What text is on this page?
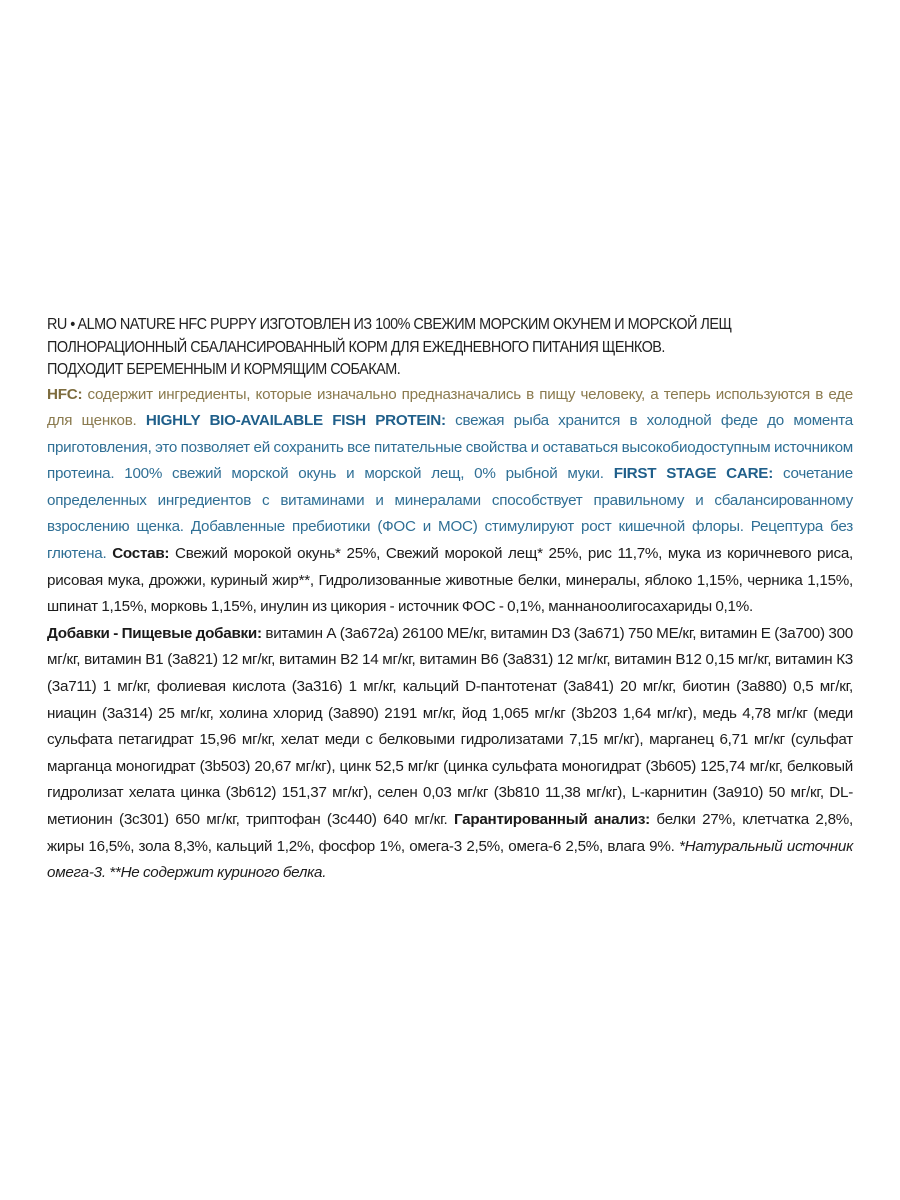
RU • ALMO NATURE HFC PUPPY ИЗГОТОВЛЕН ИЗ 100% СВЕЖИМ МОРСКИМ ОКУНЕМ И МОРСКОЙ ЛЕЩ

ПОЛНОРАЦИОННЫЙ СБАЛАНСИРОВАННЫЙ КОРМ ДЛЯ ЕЖЕДНЕВНОГО ПИТАНИЯ ЩЕНКОВ.

ПОДХОДИТ БЕРЕМЕННЫМ И КОРМЯЩИМ СОБАКАМ.

HFC: содержит ингредиенты, которые изначально предназначались в пищу человеку, а теперь используются в еде для щенков. HIGHLY BIO-AVAILABLE FISH PROTEIN: свежая рыба хранится в холодной феде до момента приготовления, это позволяет ей сохранить все питательные свойства и оставаться высокобиодоступным источником протеина. 100% свежий морской окунь и морской лещ, 0% рыбной муки. FIRST STAGE CARE: сочетание определенных ингредиентов с витаминами и минералами способствует правильному и сбалансированному взрослению щенка. Добавленные пребиотики (ФОС и МОС) стимулируют рост кишечной флоры. Рецептура без глютена. Состав: Свежий морокой окунь* 25%, Свежий морокой лещ* 25%, рис 11,7%, мука из коричневого риса, рисовая мука, дрожжи, куриный жир**, Гидролизованные животные белки, минералы, яблоко 1,15%, черника 1,15%, шпинат 1,15%, морковь 1,15%, инулин из цикория - источник ФОС - 0,1%, маннаноолигосахариды 0,1%.
Добавки - Пищевые добавки: витамин А (3а672а) 26100 МЕ/кг, витамин D3 (3а671) 750 МЕ/кг, витамин Е (3а700) 300 мг/кг, витамин В1 (3а821) 12 мг/кг, витамин В2 14 мг/кг, витамин В6 (3а831) 12 мг/кг, витамин В12 0,15 мг/кг, витамин К3 (3а711) 1 мг/кг, фолиевая кислота (3а316) 1 мг/кг, кальций D-пантотенат (3а841) 20 мг/кг, биотин (3а880) 0,5 мг/кг, ниацин (3а314) 25 мг/кг, холина хлорид (3а890) 2191 мг/кг, йод 1,065 мг/кг (3b203 1,64 мг/кг), медь 4,78 мг/кг (меди сульфата петагидрат 15,96 мг/кг, хелат меди с белковыми гидролизатами 7,15 мг/кг), марганец 6,71 мг/кг (сульфат марганца моногидрат (3b503) 20,67 мг/кг), цинк 52,5 мг/кг (цинка сульфата моногидрат (3b605) 125,74 мг/кг, белковый гидролизат хелата цинка (3b612) 151,37 мг/кг), селен 0,03 мг/кг (3b810 11,38 мг/кг), L-карнитин (3а910) 50 мг/кг, DL-метионин (3c301) 650 мг/кг, триптофан (3c440) 640 мг/кг. Гарантированный анализ: белки 27%, клетчатка 2,8%, жиры 16,5%, зола 8,3%, кальций 1,2%, фосфор 1%, омега-3 2,5%, омега-6 2,5%, влага 9%. *Натуральный источник омега-3. **Не содержит куриного белка.
